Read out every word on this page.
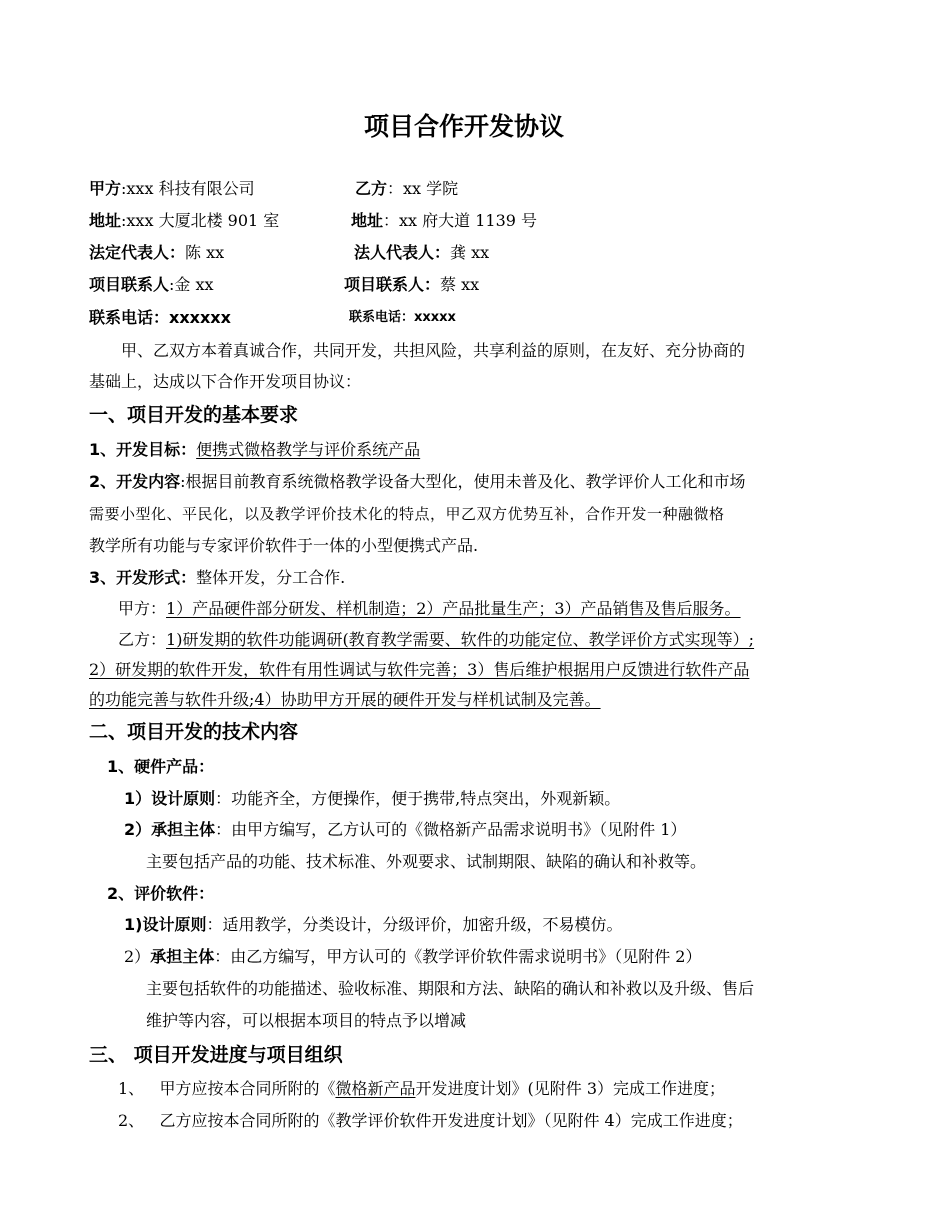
项目合作开发协议
甲方:xxx 科技有限公司	乙方：xx 学院
地址:xxx 大厦北楼 901 室	地址：xx 府大道 1139 号
法定代表人：陈 xx	法人代表人：龚 xx
项目联系人:金 xx	项目联系人：蔡 xx
联系电话：xxxxxx	联系电话：xxxxx
甲、乙双方本着真诚合作，共同开发，共担风险，共享利益的原则，在友好、充分协商的
基础上，达成以下合作开发项目协议：
一、项目开发的基本要求
1、开发目标：便携式微格教学与评价系统产品
2、开发内容:根据目前教育系统微格教学设备大型化，使用未普及化、教学评价人工化和市场
需要小型化、平民化，以及教学评价技术化的特点，甲乙双方优势互补，合作开发一种融微格
教学所有功能与专家评价软件于一体的小型便携式产品.
3、开发形式：整体开发，分工合作.
甲方：1）产品硬件部分研发、样机制造；2）产品批量生产；3）产品销售及售后服务。
乙方：1)研发期的软件功能调研(教育教学需要、软件的功能定位、教学评价方式实现等）;
2）研发期的软件开发，软件有用性调试与软件完善；3）售后维护根据用户反馈进行软件产品
的功能完善与软件升级;4）协助甲方开展的硬件开发与样机试制及完善。
二、项目开发的技术内容
1、硬件产品：
1）设计原则：功能齐全，方便操作，便于携带,特点突出，外观新颖。
2）承担主体：由甲方编写，乙方认可的《微格新产品需求说明书》（见附件 1）
主要包括产品的功能、技术标准、外观要求、试制期限、缺陷的确认和补救等。
2、评价软件：
1)设计原则：适用教学，分类设计，分级评价，加密升级，不易模仿。
2）承担主体：由乙方编写，甲方认可的《教学评价软件需求说明书》（见附件 2）
主要包括软件的功能描述、验收标准、期限和方法、缺陷的确认和补救以及升级、售后
维护等内容，可以根据本项目的特点予以增减
三、 项目开发进度与项目组织
1、 甲方应按本合同所附的《微格新产品开发进度计划》(见附件 3）完成工作进度；
2、 乙方应按本合同所附的《教学评价软件开发进度计划》（见附件 4）完成工作进度；
